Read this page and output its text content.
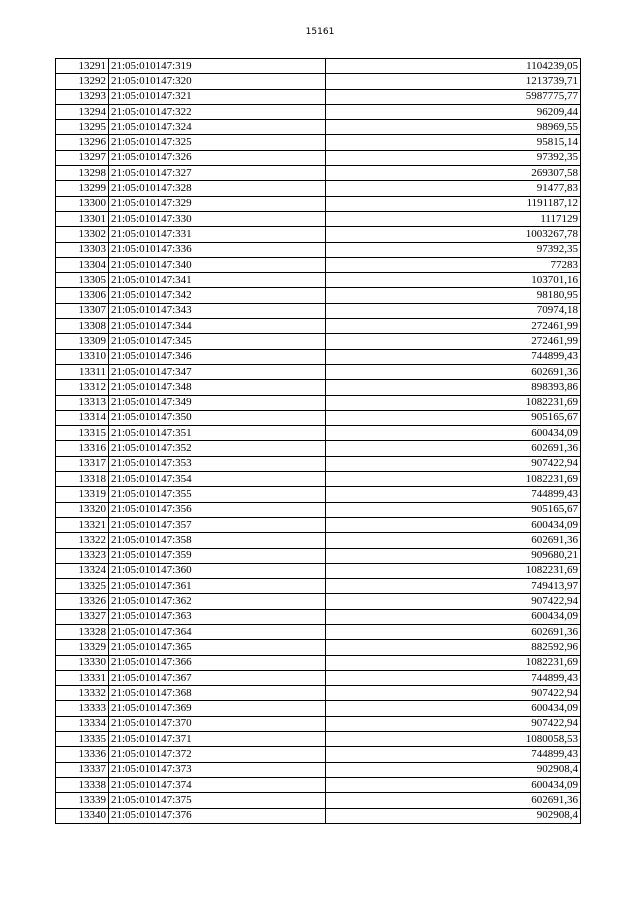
15161
13291	21:05:010147:319	1104239,05
13292	21:05:010147:320	1213739,71
13293	21:05:010147:321	5987775,77
13294	21:05:010147:322	96209,44
13295	21:05:010147:324	98969,55
13296	21:05:010147:325	95815,14
13297	21:05:010147:326	97392,35
13298	21:05:010147:327	269307,58
13299	21:05:010147:328	91477,83
13300	21:05:010147:329	1191187,12
13301	21:05:010147:330	1117129
13302	21:05:010147:331	1003267,78
13303	21:05:010147:336	97392,35
13304	21:05:010147:340	77283
13305	21:05:010147:341	103701,16
13306	21:05:010147:342	98180,95
13307	21:05:010147:343	70974,18
13308	21:05:010147:344	272461,99
13309	21:05:010147:345	272461,99
13310	21:05:010147:346	744899,43
13311	21:05:010147:347	602691,36
13312	21:05:010147:348	898393,86
13313	21:05:010147:349	1082231,69
13314	21:05:010147:350	905165,67
13315	21:05:010147:351	600434,09
13316	21:05:010147:352	602691,36
13317	21:05:010147:353	907422,94
13318	21:05:010147:354	1082231,69
13319	21:05:010147:355	744899,43
13320	21:05:010147:356	905165,67
13321	21:05:010147:357	600434,09
13322	21:05:010147:358	602691,36
13323	21:05:010147:359	909680,21
13324	21:05:010147:360	1082231,69
13325	21:05:010147:361	749413,97
13326	21:05:010147:362	907422,94
13327	21:05:010147:363	600434,09
13328	21:05:010147:364	602691,36
13329	21:05:010147:365	882592,96
13330	21:05:010147:366	1082231,69
13331	21:05:010147:367	744899,43
13332	21:05:010147:368	907422,94
13333	21:05:010147:369	600434,09
13334	21:05:010147:370	907422,94
13335	21:05:010147:371	1080058,53
13336	21:05:010147:372	744899,43
13337	21:05:010147:373	902908,4
13338	21:05:010147:374	600434,09
13339	21:05:010147:375	602691,36
13340	21:05:010147:376	902908,4
